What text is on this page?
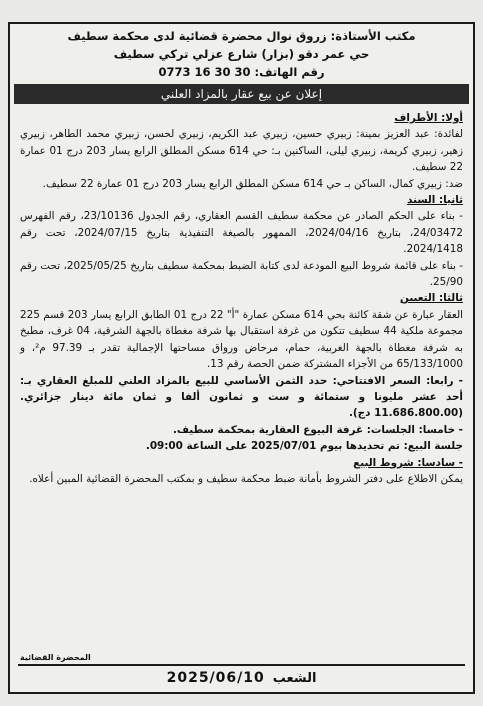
مكتب الأستاذة: زروق نوال محضرة قضائية لدى محكمة سطيف
حي عمر دقو (بزار) شارع عزلي تركي سطيف
رقم الهاتف: 0773 16 30 30
إعلان عن بيع عقار بالمزاد العلني
أولا: الأطراف
لفائدة: عبد العزيز بمينة: زبيري حسين، زبيري عبد الكريم، زبيري لحسن، زبيري محمد الطاهر، زبيري زهير، زبيري كريمة، زبيري ليلى، الساكنين بـ: حي 614 مسكن المطلق الرابع يسار 203 درج 01 عمارة 22 سطيف.
ضد: زبيري كمال، الساكن بـ حي 614 مسكن المطلق الرابع يسار 203 درج 01 عمارة 22 سطيف.
ثانيا: السند
- بناء على الحكم الصادر عن محكمة سطيف القسم العقاري، رقم الجدول 23/10136، رقم الفهرس 24/03472، بتاريخ 2024/04/16، الممهور بالصيغة التنفيذية بتاريخ 2024/07/15، تحت رقم 2024/1418.
- بناء على قائمة شروط البيع المودعة لدى كتابة الضبط بمحكمة سطيف بتاريخ 2025/05/25، تحت رقم 25/90.
ثالثا: التعيين
العقار عبارة عن شقة كائنة بحي 614 مسكن عمارة "أ" 22 درج 01 الطابق الرابع يسار 203 قسم 225 مجموعة ملكية 44 سطيف تتكون من غرفة استقبال بها شرفة مغطاة بالجهة الشرقية، 04 غرف، مطبخ به شرفة مغطاة بالجهة الغربية، حمام، مرحاض ورواق مساحتها الإجمالية تقدر بـ 97.39 م²، و 65/133/1000 من الأجزاء المشتركة ضمن الحصة رقم 13.
- رابعا: السعر الافتتاحي: حدد الثمن الأساسي للبيع بالمزاد العلني للمبلغ العقاري بـ: أحد عشر مليونا و ستمائة و ست و ثمانون ألفا و ثمان مائة دينار جزائري. (11.686.800.00 دج).
- خامسا: الجلسات: غرفة البيوع العقارية بمحكمة سطيف.
جلسة البيع: تم تحديدها بيوم 2025/07/01 على الساعة 09:00.
- سادسا: شروط البيع
يمكن الاطلاع على دفتر الشروط بأمانة ضبط محكمة سطيف و بمكتب المحضرة القضائية المبين أعلاه.
المحضرة القضائية
الشعب
2025/06/10
